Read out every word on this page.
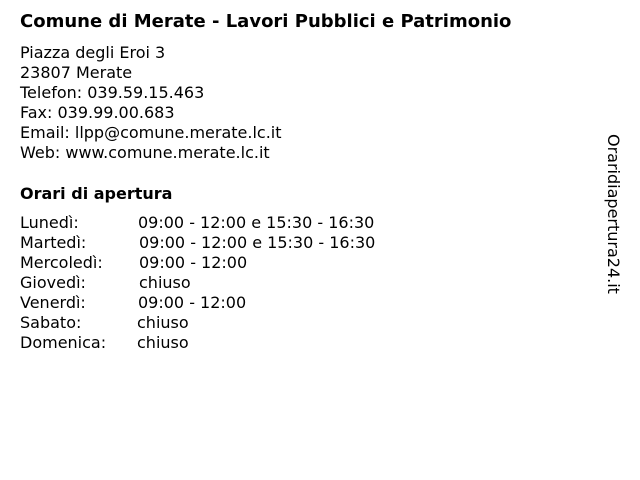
Comune di Merate - Lavori Pubblici e Patrimonio
Piazza degli Eroi 3
23807 Merate
Telefon: 039.59.15.463
Fax: 039.99.00.683
Email: llpp@comune.merate.lc.it
Web: www.comune.merate.lc.it
Orari di apertura
Lunedì:	09:00 - 12:00 e 15:30 - 16:30
Martedì:	09:00 - 12:00 e 15:30 - 16:30
Mercoledì: 09:00 - 12:00
Giovedì:	chiuso
Venerdì:	09:00 - 12:00
Sabato:	chiuso
Domenica: chiuso
Oraridiapertura24.it
